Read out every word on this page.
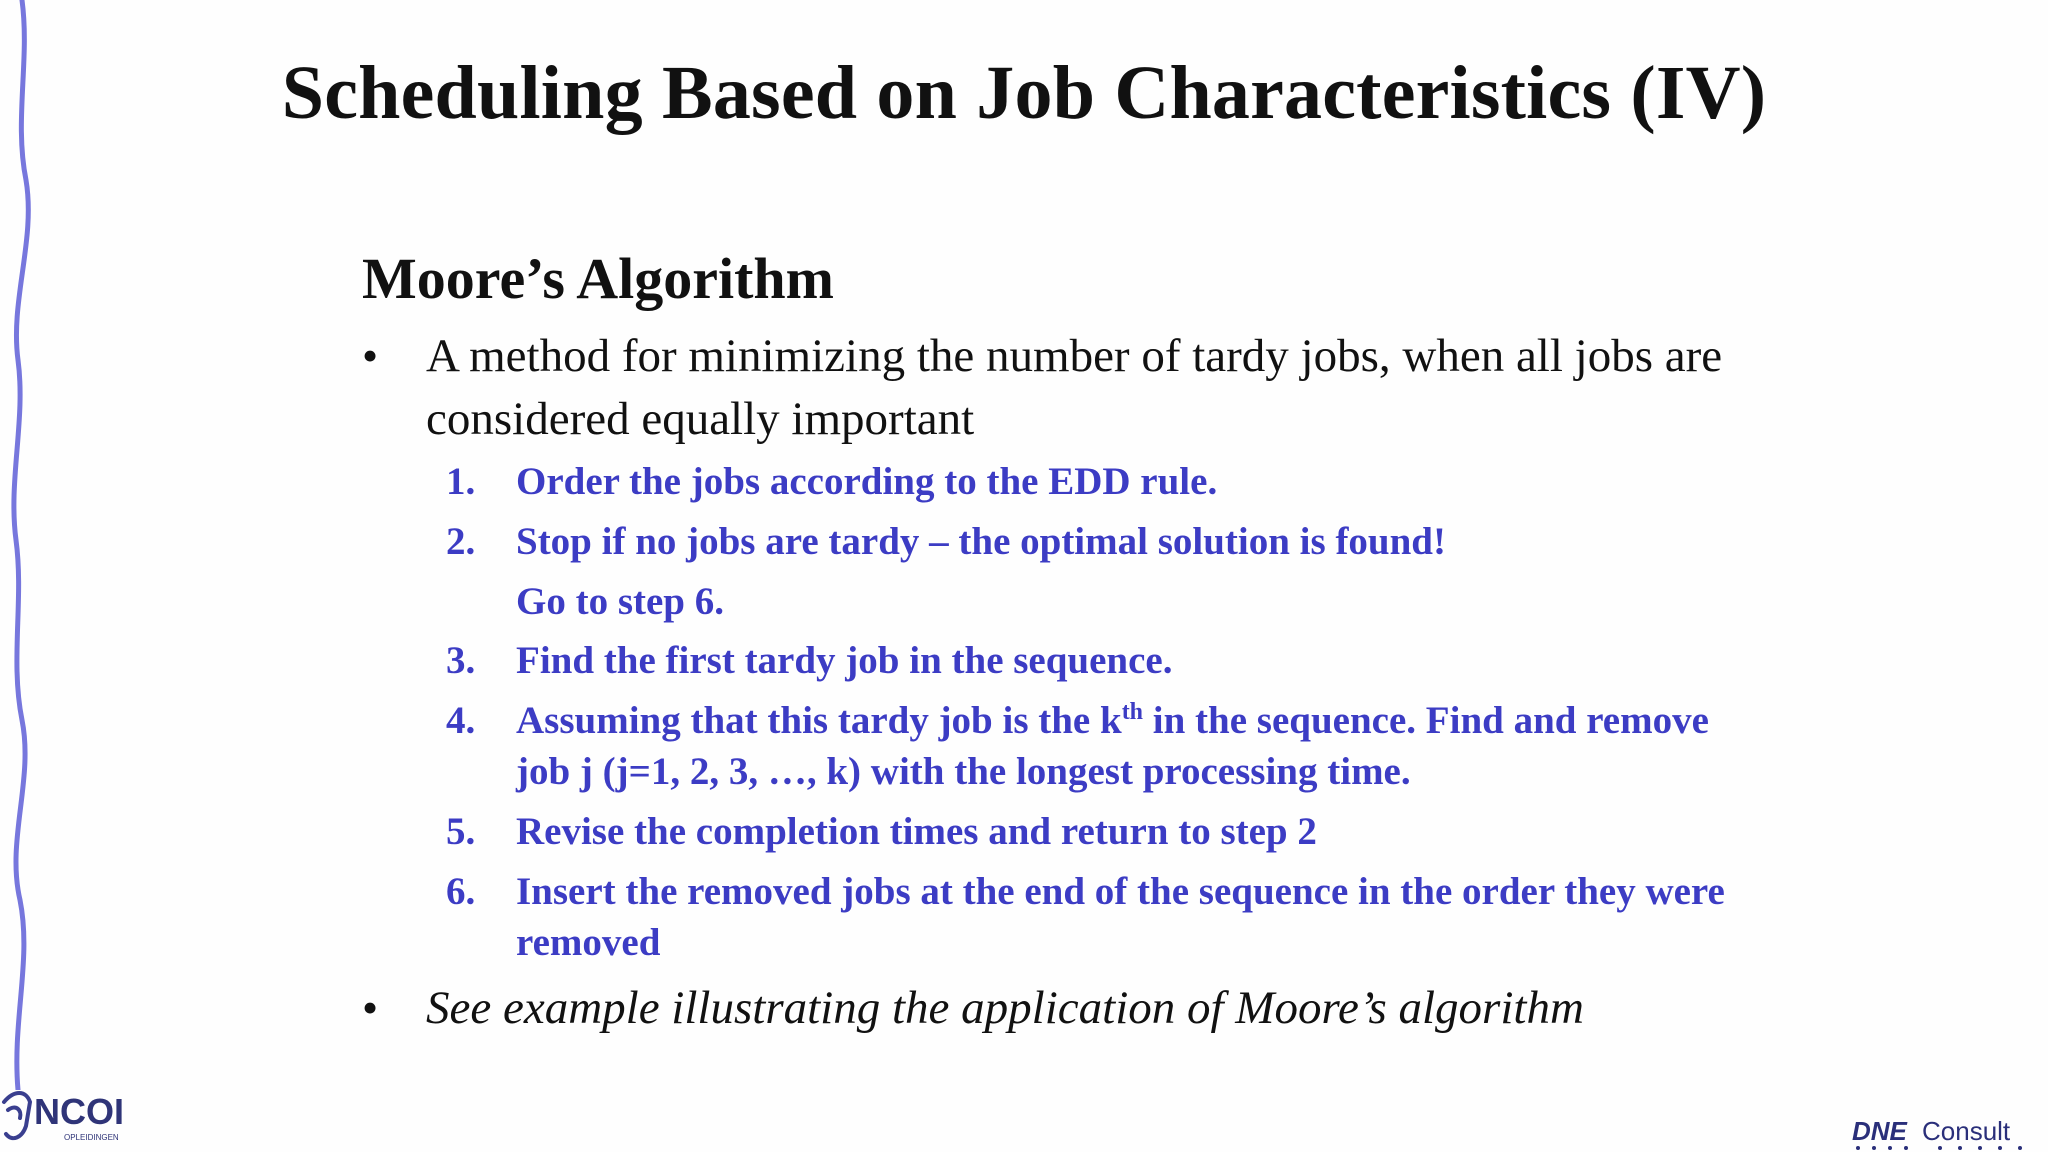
Scheduling Based on Job Characteristics (IV)
Moore’s Algorithm
• A method for minimizing the number of tardy jobs, when all jobs are considered equally important
1. Order the jobs according to the EDD rule.
2. Stop if no jobs are tardy – the optimal solution is found!
Go to step 6.
3. Find the first tardy job in the sequence.
4. Assuming that this tardy job is the $k^{th}$ in the sequence. Find and remove job j (j=1, 2, 3, …, k) with the longest processing time.
5. Revise the completion times and return to step 2
6. Insert the removed jobs at the end of the sequence in the order they were removed
• See example illustrating the application of Moore’s algorithm
NCOI
OPLEIDINGEN	DNE Consult
